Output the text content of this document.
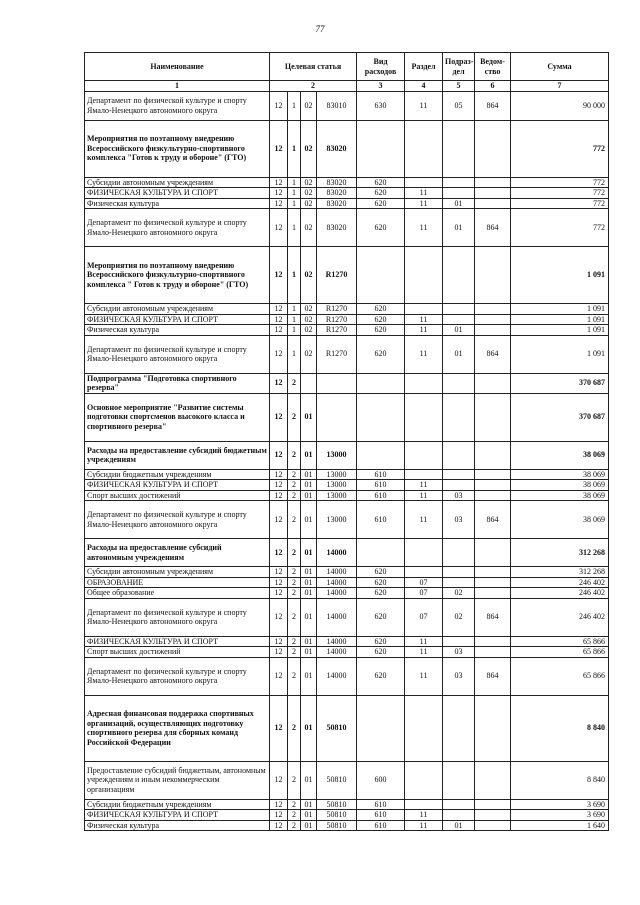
77
Наименование	Целевая статья				Вид расходов	Раздел	Подраз-дел	Ведом-ство	Сумма
1	2				3	4	5	6	7
Департамент по физической культуре и спорту Ямало-Ненецкого автономного округа	12	1	02	83010	630	11	05	864	90 000
Мероприятия по поэтапному внедрению Всероссийского физкультурно-спортивного комплекса "Готов к труду и обороне" (ГТО)	12	1	02	83020					772
Субсидии автономным учреждениям	12	1	02	83020	620				772
ФИЗИЧЕСКАЯ КУЛЬТУРА И СПОРТ	12	1	02	83020	620	11			772
Физическая культура	12	1	02	83020	620	11	01		772
Департамент по физической культуре и спорту Ямало-Ненецкого автономного округа	12	1	02	83020	620	11	01	864	772
Мероприятия по поэтапному внедрению Всероссийского физкультурно-спортивного комплекса " Готов к труду и обороне" (ГТО)	12	1	02	R1270					1 091
Субсидии автономным учреждениям	12	1	02	R1270	620				1 091
ФИЗИЧЕСКАЯ КУЛЬТУРА И СПОРТ	12	1	02	R1270	620	11			1 091
Физическая культура	12	1	02	R1270	620	11	01		1 091
Департамент по физической культуре и спорту Ямало-Ненецкого автономного округа	12	1	02	R1270	620	11	01	864	1 091
Подпрограмма "Подготовка спортивного резерва"	12	2							370 687
Основное мероприятие "Развитие системы подготовки спортсменов высокого класса и спортивного резерва"	12	2	01						370 687
Расходы на предоставление субсидий бюджетным учреждениям	12	2	01	13000					38 069
Субсидии бюджетным учреждениям	12	2	01	13000	610				38 069
ФИЗИЧЕСКАЯ КУЛЬТУРА И СПОРТ	12	2	01	13000	610	11			38 069
Спорт высших достижений	12	2	01	13000	610	11	03		38 069
Департамент по физической культуре и спорту Ямало-Ненецкого автономного округа	12	2	01	13000	610	11	03	864	38 069
Расходы на предоставление субсидий автономным учреждениям	12	2	01	14000					312 268
Субсидии автономным учреждениям	12	2	01	14000	620				312 268
ОБРАЗОВАНИЕ	12	2	01	14000	620	07			246 402
Общее образование	12	2	01	14000	620	07	02		246 402
Департамент по физической культуре и спорту Ямало-Ненецкого автономного округа	12	2	01	14000	620	07	02	864	246 402
ФИЗИЧЕСКАЯ КУЛЬТУРА И СПОРТ	12	2	01	14000	620	11			65 866
Спорт высших достижений	12	2	01	14000	620	11	03		65 866
Департамент по физической культуре и спорту Ямало-Ненецкого автономного округа	12	2	01	14000	620	11	03	864	65 866
Адресная финансовая поддержка спортивных организаций, осуществляющих подготовку спортивного резерва для сборных команд Российской Федерации	12	2	01	50810					8 840
Предоставление субсидий бюджетным, автономным учреждениям и иным некоммерческим организациям	12	2	01	50810	600				8 840
Субсидии бюджетным учреждениям	12	2	01	50810	610				3 690
ФИЗИЧЕСКАЯ КУЛЬТУРА И СПОРТ	12	2	01	50810	610	11			3 690
Физическая культура	12	2	01	50810	610	11	01		1 640
